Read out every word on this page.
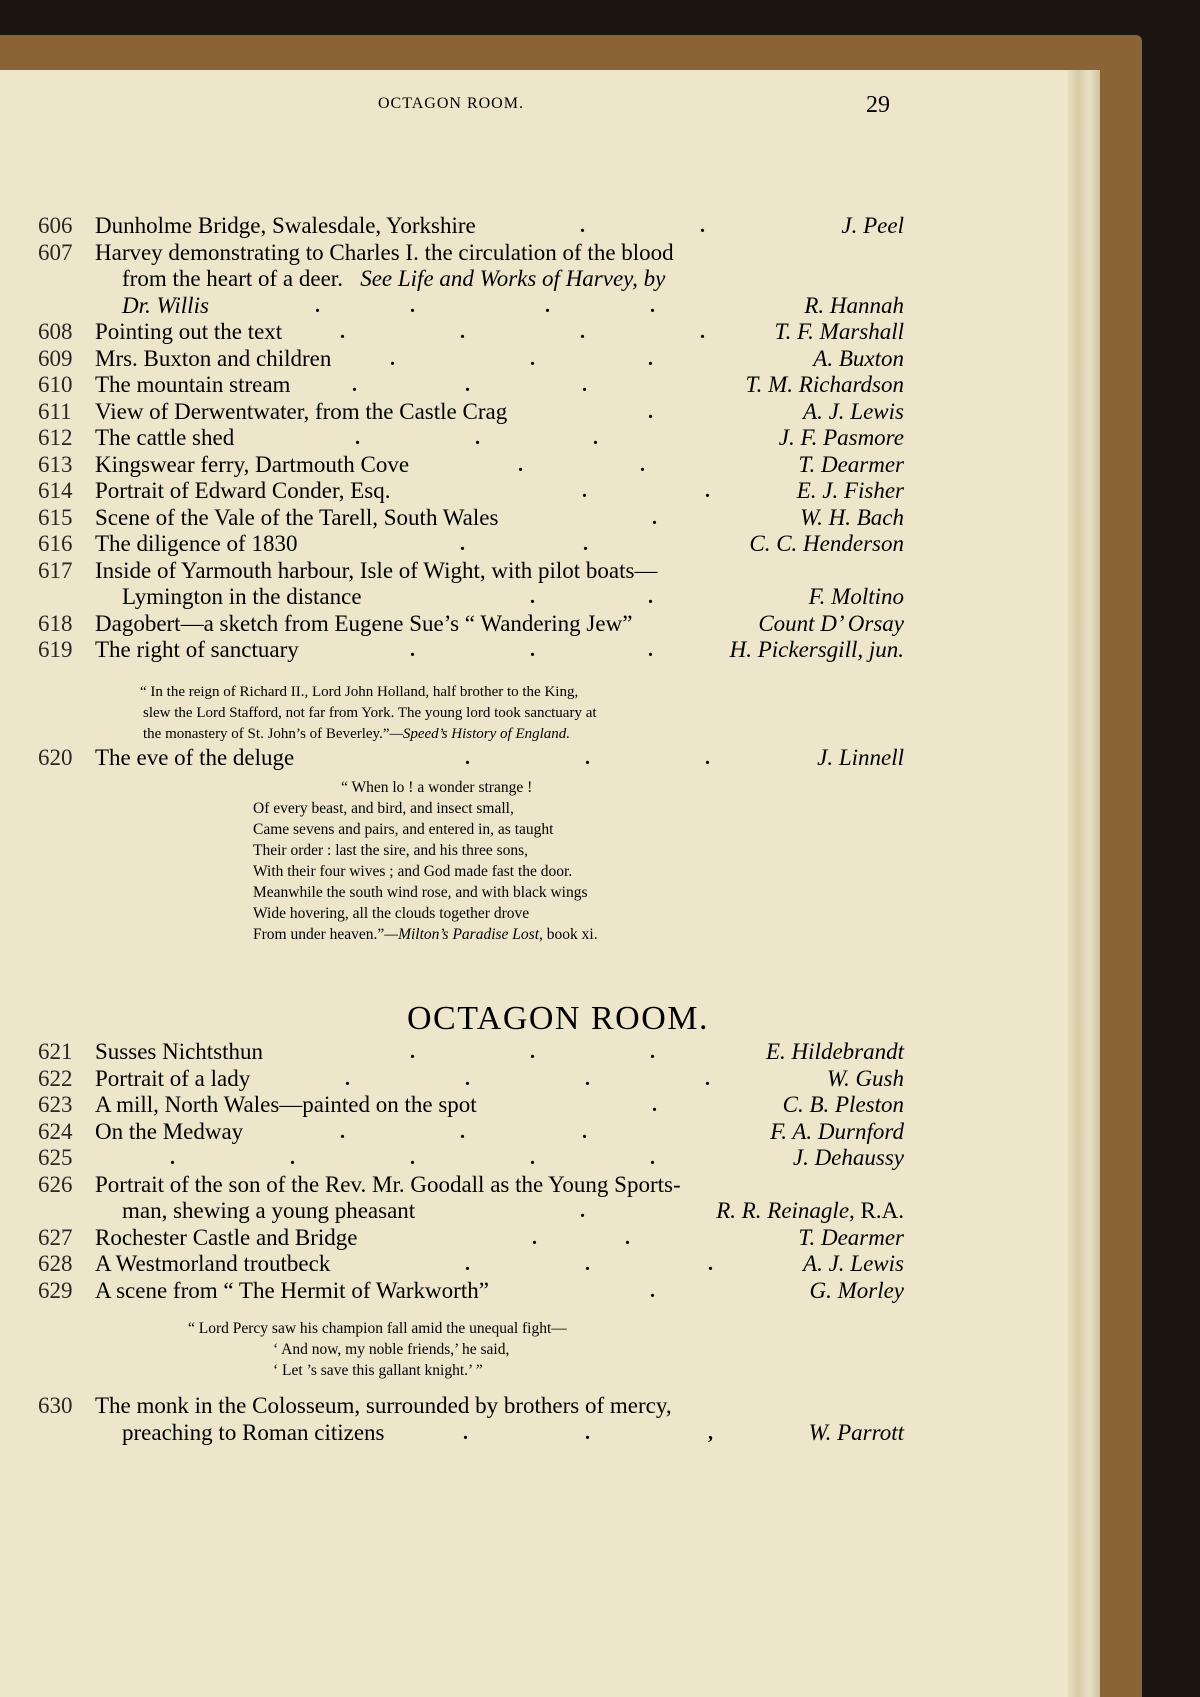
OCTAGON ROOM.	29
606 Dunholme Bridge, Swalesdale, Yorkshire	.	.	J. Peel
607 Harvey demonstrating to Charles I. the circulation of the blood
from the heart of a deer. See Life and Works of Harvey, by
Dr. Willis	.	.	.	.	R. Hannah
608 Pointing out the text	.	.	.	.	T. F. Marshall
609 Mrs. Buxton and children	.	.	.	A. Buxton
610 The mountain stream	.	.	.	T. M. Richardson
611 View of Derwentwater, from the Castle Crag	.	A. J. Lewis
612 The cattle shed	.	.	.	J. F. Pasmore
613 Kingswear ferry, Dartmouth Cove	.	.	T. Dearmer
614 Portrait of Edward Conder, Esq.	.	.	E. J. Fisher
615 Scene of the Vale of the Tarell, South Wales	.	W. H. Bach
616 The diligence of 1830	.	.	C. C. Henderson
617 Inside of Yarmouth harbour, Isle of Wight, with pilot boats—
Lymington in the distance	.	.	F. Moltino
618 Dagobert—a sketch from Eugene Sue’s “ Wandering Jew”	Count D’ Orsay
619 The right of sanctuary	.	.	.	H. Pickersgill, jun.
“ In the reign of Richard II., Lord John Holland, half brother to the King,
slew the Lord Stafford, not far from York. The young lord took sanctuary at
the monastery of St. John’s of Beverley.”—Speed’s History of England.
620 The eve of the deluge	.	.	.	J. Linnell
“ When lo ! a wonder strange !
Of every beast, and bird, and insect small,
Came sevens and pairs, and entered in, as taught
Their order : last the sire, and his three sons,
With their four wives ; and God made fast the door.
Meanwhile the south wind rose, and with black wings
Wide hovering, all the clouds together drove
From under heaven.”—Milton’s Paradise Lost, book xi.
OCTAGON ROOM.
621 Susses Nichtsthun	.	.	.	E. Hildebrandt
622 Portrait of a lady	.	.	.	.	W. Gush
623 A mill, North Wales—painted on the spot	.	C. B. Pleston
624 On the Medway	.	.	.	F. A. Durnford
625	.	.	.	.	.	J. Dehaussy
626 Portrait of the son of the Rev. Mr. Goodall as the Young Sports-
man, shewing a young pheasant	.	R. R. Reinagle, R.A.
627 Rochester Castle and Bridge	.	.	T. Dearmer
628 A Westmorland troutbeck	.	.	.	A. J. Lewis
629 A scene from “ The Hermit of Warkworth”	.	G. Morley
“ Lord Percy saw his champion fall amid the unequal fight—
‘ And now, my noble friends,’ he said,
‘ Let ’s save this gallant knight.’ ”
630 The monk in the Colosseum, surrounded by brothers of mercy,
preaching to Roman citizens	.	.	,	W. Parrott
